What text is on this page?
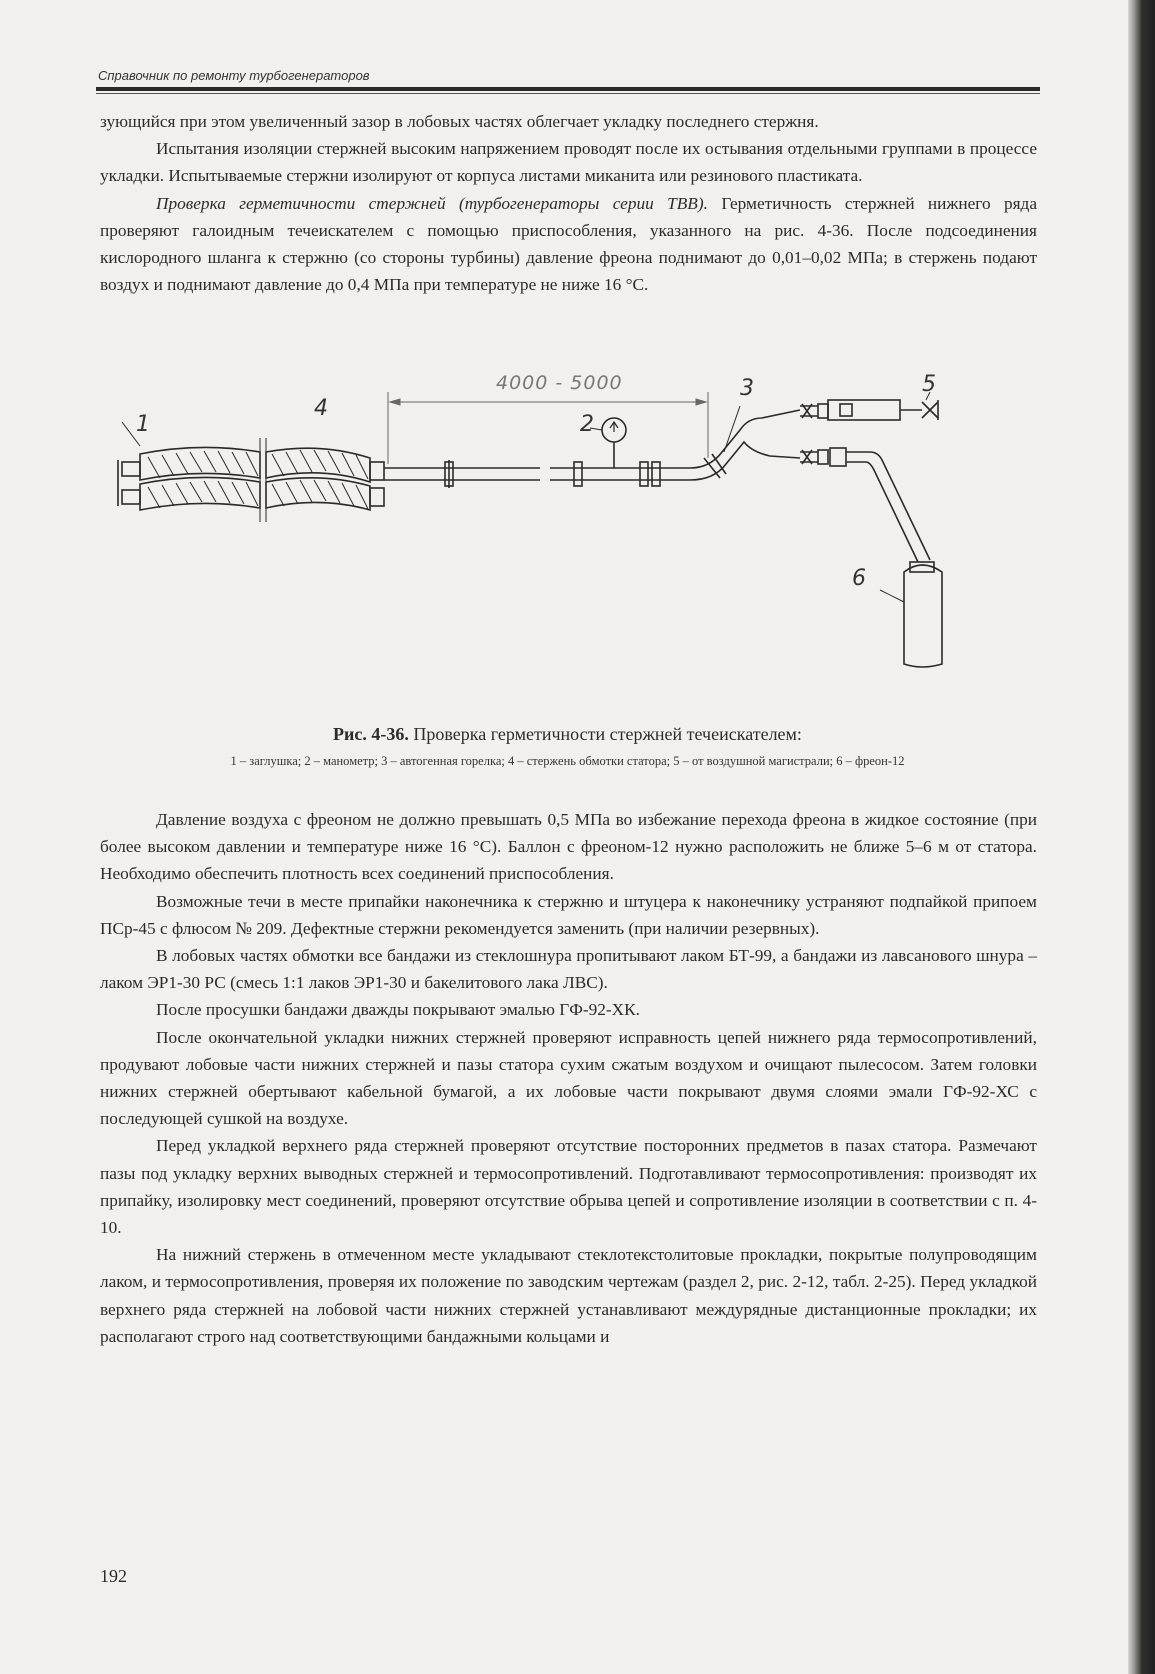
Справочник по ремонту турбогенераторов

зующийся при этом увеличенный зазор в лобовых частях облегчает укладку последнего стержня.

Испытания изоляции стержней высоким напряжением проводят после их остывания отдельными группами в процессе укладки. Испытываемые стержни изолируют от корпуса листами миканита или резинового пластиката.

Проверка герметичности стержней (турбогенераторы серии ТВВ). Герметичность стержней нижнего ряда проверяют галоидным течеискателем с помощью приспособления, указанного на рис. 4-36. После подсоединения кислородного шланга к стержню (со стороны турбины) давление фреона поднимают до 0,01–0,02 МПа; в стержень подают воздух и поднимают давление до 0,4 МПа при температуре не ниже 16 °С.

1
4
2
3	5
6
4000 - 5000
Рис. 4-36. Проверка герметичности стержней течеискателем:
1 – заглушка; 2 – манометр; 3 – автогенная горелка; 4 – стержень обмотки статора; 5 – от воздушной магистрали; 6 – фреон-12

Давление воздуха с фреоном не должно превышать 0,5 МПа во избежание перехода фреона в жидкое состояние (при более высоком давлении и температуре ниже 16 °С). Баллон с фреоном-12 нужно расположить не ближе 5–6 м от статора. Необходимо обеспечить плотность всех соединений приспособления.

Возможные течи в месте припайки наконечника к стержню и штуцера к наконечнику устраняют подпайкой припоем ПСр-45 с флюсом № 209. Дефектные стержни рекомендуется заменить (при наличии резервных).

В лобовых частях обмотки все бандажи из стеклошнура пропитывают лаком БТ-99, а бандажи из лавсанового шнура – лаком ЭР1-30 РС (смесь 1:1 лаков ЭР1-30 и бакелитового лака ЛВС).

После просушки бандажи дважды покрывают эмалью ГФ-92-ХК.

После окончательной укладки нижних стержней проверяют исправность цепей нижнего ряда термосопротивлений, продувают лобовые части нижних стержней и пазы статора сухим сжатым воздухом и очищают пылесосом. Затем головки нижних стержней обертывают кабельной бумагой, а их лобовые части покрывают двумя слоями эмали ГФ-92-ХС с последующей сушкой на воздухе.

Перед укладкой верхнего ряда стержней проверяют отсутствие посторонних предметов в пазах статора. Размечают пазы под укладку верхних выводных стержней и термосопротивлений. Подготавливают термосопротивления: производят их припайку, изолировку мест соединений, проверяют отсутствие обрыва цепей и сопротивление изоляции в соответствии с п. 4-10.

На нижний стержень в отмеченном месте укладывают стеклотекстолитовые прокладки, покрытые полупроводящим лаком, и термосопротивления, проверяя их положение по заводским чертежам (раздел 2, рис. 2-12, табл. 2-25). Перед укладкой верхнего ряда стержней на лобовой части нижних стержней устанавливают междурядные дистанционные прокладки; их располагают строго над соответствующими бандажными кольцами и

192
